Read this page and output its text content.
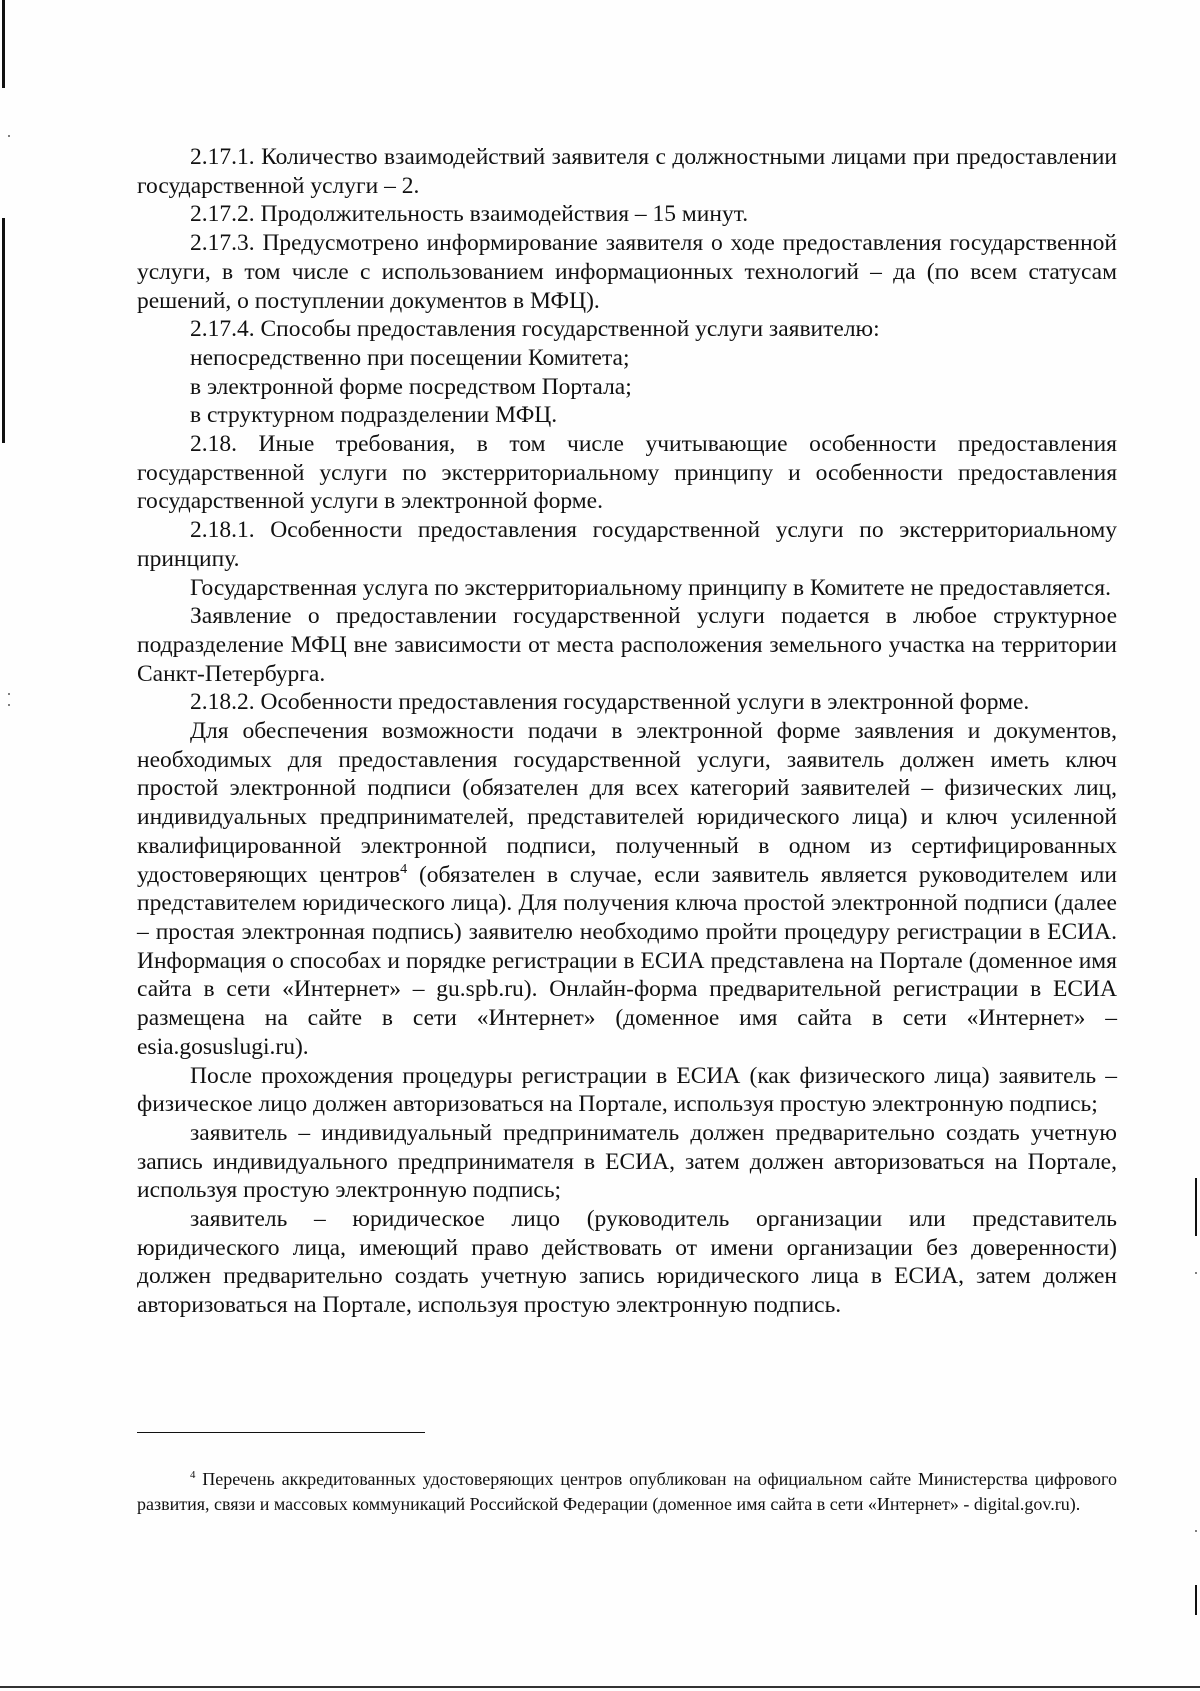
2.17.1. Количество взаимодействий заявителя с должностными лицами при предоставлении государственной услуги – 2.

2.17.2. Продолжительность взаимодействия – 15 минут.

2.17.3. Предусмотрено информирование заявителя о ходе предоставления государственной услуги, в том числе с использованием информационных технологий – да (по всем статусам решений, о поступлении документов в МФЦ).

2.17.4. Способы предоставления государственной услуги заявителю:

непосредственно при посещении Комитета;

в электронной форме посредством Портала;

в структурном подразделении МФЦ.

2.18. Иные требования, в том числе учитывающие особенности предоставления государственной услуги по экстерриториальному принципу и особенности предоставления государственной услуги в электронной форме.

2.18.1. Особенности предоставления государственной услуги по экстерриториальному принципу.

Государственная услуга по экстерриториальному принципу в Комитете не предоставляется.

Заявление о предоставлении государственной услуги подается в любое структурное подразделение МФЦ вне зависимости от места расположения земельного участка на территории Санкт-Петербурга.

2.18.2. Особенности предоставления государственной услуги в электронной форме.

Для обеспечения возможности подачи в электронной форме заявления и документов, необходимых для предоставления государственной услуги, заявитель должен иметь ключ простой электронной подписи (обязателен для всех категорий заявителей – физических лиц, индивидуальных предпринимателей, представителей юридического лица) и ключ усиленной квалифицированной электронной подписи, полученный в одном из сертифицированных удостоверяющих центров$^4$ (обязателен в случае, если заявитель является руководителем или представителем юридического лица). Для получения ключа простой электронной подписи (далее – простая электронная подпись) заявителю необходимо пройти процедуру регистрации в ЕСИА. Информация о способах и порядке регистрации в ЕСИА представлена на Портале (доменное имя сайта в сети «Интернет» – gu.spb.ru). Онлайн-форма предварительной регистрации в ЕСИА размещена на сайте в сети «Интернет» (доменное имя сайта в сети «Интернет» – esia.gosuslugi.ru).

После прохождения процедуры регистрации в ЕСИА (как физического лица) заявитель – физическое лицо должен авторизоваться на Портале, используя простую электронную подпись;

заявитель – индивидуальный предприниматель должен предварительно создать учетную запись индивидуального предпринимателя в ЕСИА, затем должен авторизоваться на Портале, используя простую электронную подпись;

заявитель – юридическое лицо (руководитель организации или представитель юридического лица, имеющий право действовать от имени организации без доверенности) должен предварительно создать учетную запись юридического лица в ЕСИА, затем должен авторизоваться на Портале, используя простую электронную подпись.

$^4$ Перечень аккредитованных удостоверяющих центров опубликован на официальном сайте Министерства цифрового развития, связи и массовых коммуникаций Российской Федерации (доменное имя сайта в сети «Интернет» - digital.gov.ru).
